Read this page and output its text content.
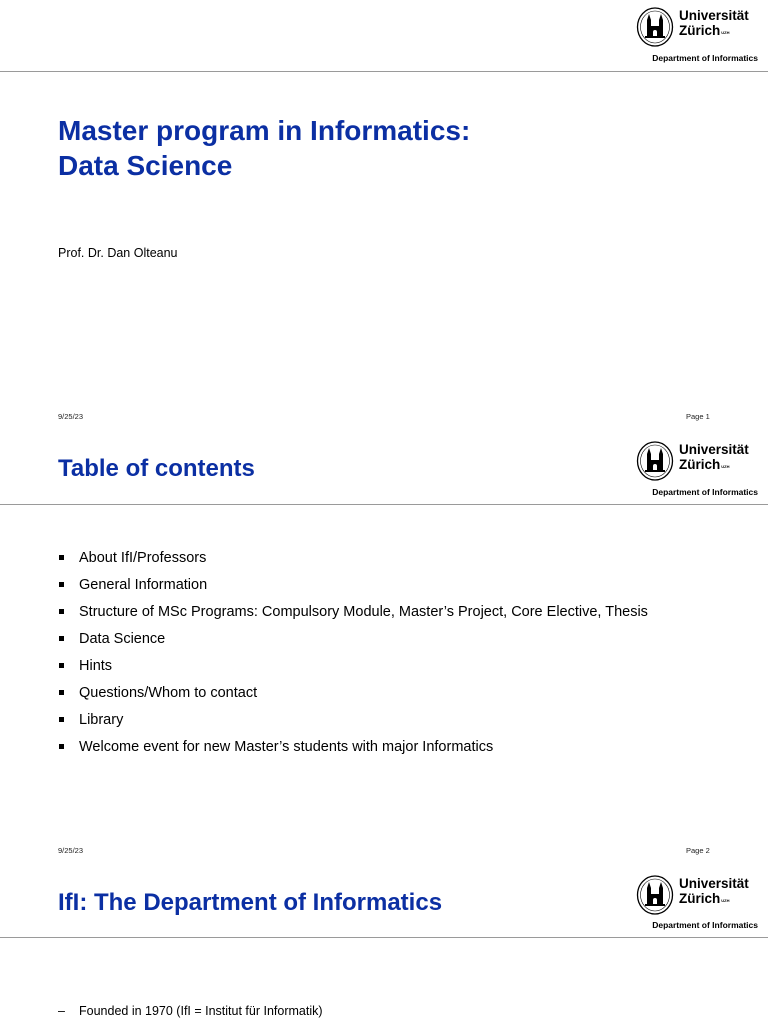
Universität
Zürich$^{UZH}$
Department of Informatics
Master program in Informatics:
Data Science
Prof. Dr. Dan Olteanu
9/25/23	Page 1
Table of contents
Universität
Zürich$^{UZH}$
Department of Informatics
About IfI/Professors
General Information
Structure of MSc Programs: Compulsory Module, Master’s Project, Core Elective, Thesis
Data Science
Hints
Questions/Whom to contact
Library
Welcome event for new Master’s students with major Informatics
9/25/23	Page 2
IfI: The Department of Informatics
Universität
Zürich$^{UZH}$
Department of Informatics
– Founded in 1970 (IfI = Institut für Informatik)
